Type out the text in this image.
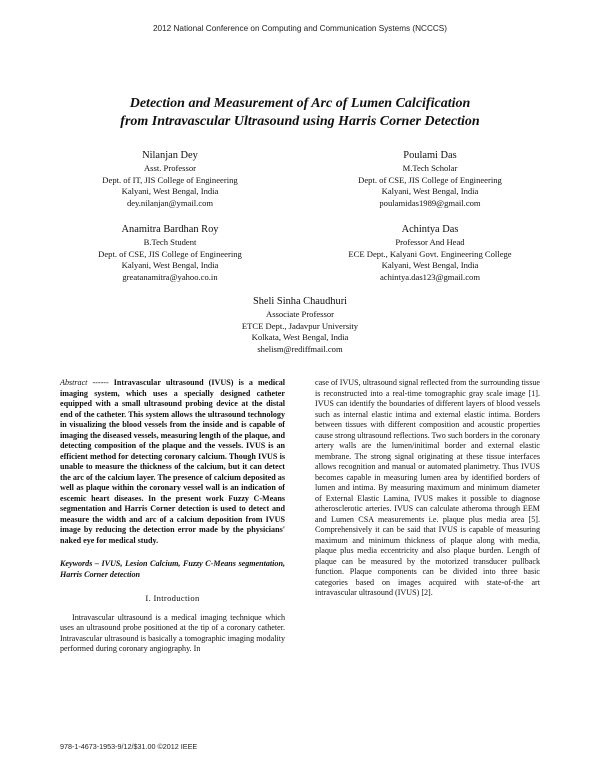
2012 National Conference on Computing and Communication Systems (NCCCS)
Detection and Measurement of Arc of Lumen Calcification
from Intravascular Ultrasound using Harris Corner Detection
Nilanjan Dey
Asst. Professor
Dept. of IT, JIS College of Engineering
Kalyani, West Bengal, India
dey.nilanjan@ymail.com
Poulami Das
M.Tech Scholar
Dept. of CSE, JIS College of Engineering
Kalyani, West Bengal, India
poulamidas1989@gmail.com
Anamitra Bardhan Roy
B.Tech Student
Dept. of CSE, JIS College of Engineering
Kalyani, West Bengal, India
greatanamitra@yahoo.co.in
Achintya Das
Professor And Head
ECE Dept., Kalyani Govt. Engineering College
Kalyani, West Bengal, India
achintya.das123@gmail.com
Sheli Sinha Chaudhuri
Associate Professor
ETCE Dept., Jadavpur University
Kolkata, West Bengal, India
shelism@rediffmail.com
Abstract ------ Intravascular ultrasound (IVUS) is a medical imaging system, which uses a specially designed catheter equipped with a small ultrasound probing device at the distal end of the catheter. This system allows the ultrasound technology in visualizing the blood vessels from the inside and is capable of imaging the diseased vessels, measuring length of the plaque, and detecting composition of the plaque and the vessels. IVUS is an efficient method for detecting coronary calcium. Though IVUS is unable to measure the thickness of the calcium, but it can detect the arc of the calcium layer. The presence of calcium deposited as well as plaque within the coronary vessel wall is an indication of escemic heart diseases. In the present work Fuzzy C-Means segmentation and Harris Corner detection is used to detect and measure the width and arc of a calcium deposition from IVUS image by reducing the detection error made by the physicians' naked eye for medical study.
Keywords – IVUS, Lesion Calcium, Fuzzy C-Means segmentation, Harris Corner detection
I. Introduction
Intravascular ultrasound is a medical imaging technique which uses an ultrasound probe positioned at the tip of a coronary catheter. Intravascular ultrasound is basically a tomographic imaging modality performed during coronary angiography. In
case of IVUS, ultrasound signal reflected from the surrounding tissue is reconstructed into a real-time tomographic gray scale image [1]. IVUS can identify the boundaries of different layers of blood vessels such as internal elastic intima and external elastic intima. Borders between tissues with different composition and acoustic properties cause strong ultrasound reflections. Two such borders in the coronary artery walls are the lumen/initimal border and external elastic membrane. The strong signal originating at these tissue interfaces allows recognition and manual or automated planimetry. Thus IVUS becomes capable in measuring lumen area by identified borders of lumen and intima. By measuring maximum and minimum diameter of External Elastic Lamina, IVUS makes it possible to diagnose atherosclerotic arteries. IVUS can calculate atheroma through EEM and Lumen CSA measurements i.e. plaque plus media area [5]. Comprehensively it can be said that IVUS is capable of measuring maximum and minimum thickness of plaque along with media, plaque plus media eccentricity and also plaque burden. Length of plaque can be measured by the motorized transducer pullback function. Plaque components can be divided into three basic categories based on images acquired with state-of-the art intravascular ultrasound (IVUS) [2].
978-1-4673-1953-9/12/$31.00 ©2012 IEEE
